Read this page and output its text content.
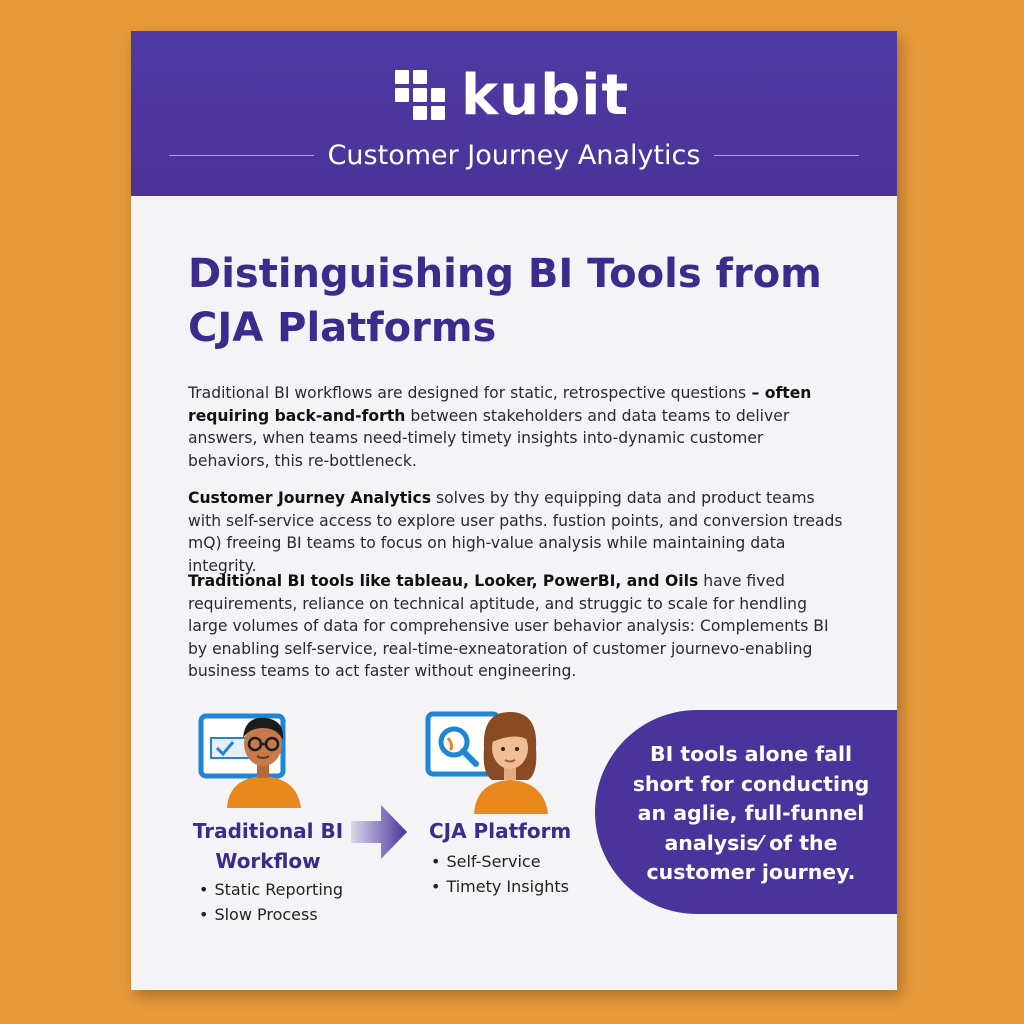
kubit
Customer Journey Analytics
Distinguishing BI Tools from CJA Platforms

Traditional BI workflows are designed for static, retrospective questions – often requiring back-and-forth between stakeholders and data teams to deliver answers, when teams need-timely timety insights into-dynamic customer behaviors, this re-bottleneck.

Customer Journey Analytics solves by thy equipping data and product teams with self-service access to explore user paths. fustion points, and conversion treads mQ) freeing BI teams to focus on high-value analysis while maintaining data integrity.

Traditional BI tools like tableau, Looker, PowerBI, and Oils have fived requirements, reliance on technical aptitude, and struggic to scale for hendling large volumes of data for comprehensive user behavior analysis: Complements BI by enabling self-service, real-time-exneatoration of customer journevo-enabling business teams to act faster without engineering.

Traditional BI Workflow
• Static Reporting
• Slow Process
CJA Platform
• Self-Service
• Timety Insights

BI tools alone fall short for conducting an aglie, full-funnel analysis⁄ of the customer journey.
